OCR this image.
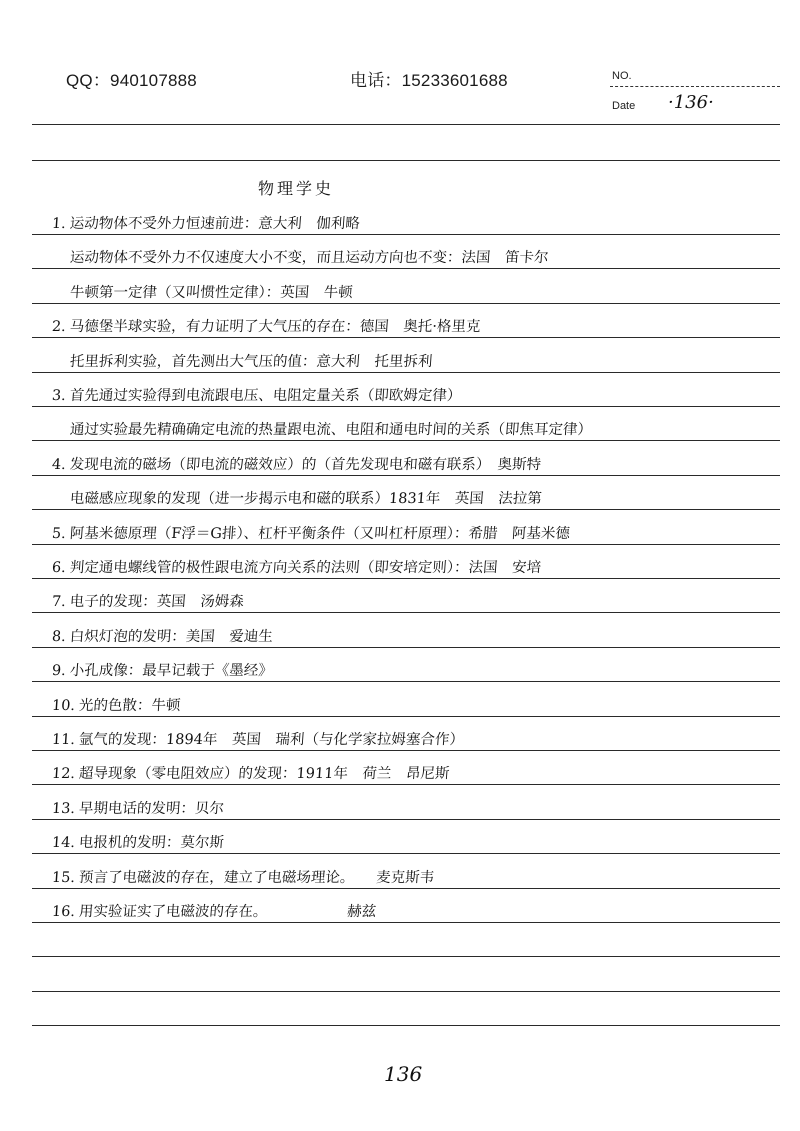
QQ：940107888	电话：15233601688	NO.
Date ·136·
物理学史
1. 运动物体不受外力恒速前进：意大利　伽利略
运动物体不受外力不仅速度大小不变，而且运动方向也不变：法国　笛卡尔
牛顿第一定律（又叫惯性定律）：英国　牛顿
2. 马德堡半球实验，有力证明了大气压的存在：德国　奥托·格里克
托里拆利实验，首先测出大气压的值：意大利　托里拆利
3. 首先通过实验得到电流跟电压、电阻定量关系（即欧姆定律）
通过实验最先精确确定电流的热量跟电流、电阻和通电时间的关系（即焦耳定律）
4. 发现电流的磁场（即电流的磁效应）的（首先发现电和磁有联系）　奥斯特
电磁感应现象的发现（进一步揭示电和磁的联系）1831年　英国　法拉第
5. 阿基米德原理（F浮＝G排）、杠杆平衡条件（又叫杠杆原理）：希腊　阿基米德
6. 判定通电螺线管的极性跟电流方向关系的法则（即安培定则）：法国　安培
7. 电子的发现：英国　汤姆森
8. 白炽灯泡的发明：美国　爱迪生
9. 小孔成像：最早记载于《墨经》
10. 光的色散：牛顿
11. 氩气的发现：1894年　英国　瑞利（与化学家拉姆塞合作）
12. 超导现象（零电阻效应）的发现：1911年　荷兰　昂尼斯
13. 早期电话的发明：贝尔
14. 电报机的发明：莫尔斯
15. 预言了电磁波的存在，建立了电磁场理论。　　麦克斯韦
16. 用实验证实了电磁波的存在。　　　　　　赫兹
136
